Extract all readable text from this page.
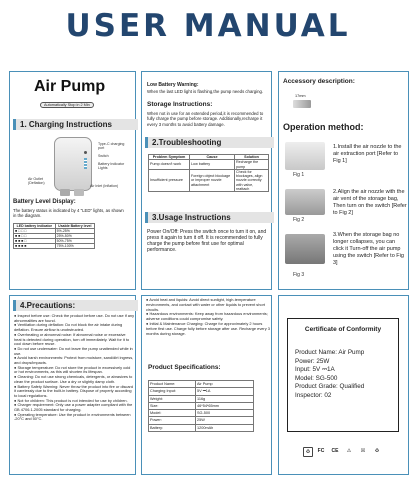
USER MANUAL
Air Pump
Automatically Stop in 2 Min
1. Charging Instructions
Type-C charging port
Switch
Battery Indicator Lights
Air Outlet (Deflation)
Air Inlet (Inflation)
Battery Level Display:
The battery status is indicated by 4 "LED" lights, as shown in the diagram.
LED battery indicator	Usable Battery level
■ □ □ □	5%-25%
■ ■ □ □	25%-50%
■ ■ ■ □	50%-75%
■ ■ ■ ■	75%-100%
Low Battery Warning:
When the last LED light is flashing,the pump needs charging.
Storage Instructions:
When not in use for an extended period,it is recommended to fully charge the pump before storage. Additionally,recharge it every 3 months to avoid battery damage.
2.Troubleshooting
Problem Symptom	Cause	Solution
Pump doesn't work	Low battery	Recharge the pump
Insufficient pressure	Foreign object blockage or improper nozzle attachment	Check for blockages, align nozzle correctly with valve, reattach
3.Usage Instructions
Power On/Off: Press the switch once to turn it on, and press it again to turn it off. It is recommended to fully charge the pump before first use for optimal performance.
Accessory description:
17mm
Operation method:
1.Install the air nozzle to the air extraction port [Refer to Fig 1]
Fig 1
2.Align the air nozzle with the air vent of the storage bag, Then turn on the switch [Refer to Fig 2]
Fig 2
3.When the storage bag no longer collapses, you can click it Turn-off the air pump using the switch [Refer to Fig 3]
Fig 3
4.Precautions:
● Inspect before use: Check the product before use. Do not use if any abnormalities are found.
● Ventilation during deflation: Do not block the air intake during deflation. Ensure airflow is unobstructed.
● Overheating or abnormal noise: If abnormal noise or excessive heat is detected during operation, turn off immediately. Wait for it to cool down before reuse.
● Do not use underwater: Do not leave the pump unattended while in use.
● Avoid harsh environments: Protect from moisture, sand/dirt ingress, and drops/impacts.
● Storage temperature: Do not store the product in excessively cold or hot environments, as this will shorten its lifespan.
● Cleaning: Do not use strong chemicals, detergents, or abrasives to clean the product surface. Use a dry or slightly damp cloth.
● Battery Safety Warning: Never throw the product into fire or discard it carelessly due to the built-in battery. Dispose of properly according to local regulations.
● Not for children: This product is not intended for use by children.
● Charger requirement: Only use a power adapter compliant with the GB 4706.1-2005 standard for charging.
● Operating temperature: Use the product in environments between -20°C and 50°C.
● Avoid heat and liquids: Avoid direct sunlight, high-temperature environments, and contact with water or other liquids to prevent short circuits.
● Hazardous environments: Keep away from hazardous environments; adverse conditions could compromise safety.
● Initial & Maintenance Charging: Charge for approximately 2 hours before first use. Charge fully before storage after use. Recharge every 3 months during storage.
Product Specifications:
Product Name:	Air Pump
Charging Input:	5V ⎓1A
Weight:	116g
Size:	46*54*65mm
Model:	SG-500
Power:	25W
Battery:	1200mAh
Certificate of Conformity
Product Name: Air Pump
Power: 25W
Input: 5V ⎓1A
Model: SG-500
Product Grade: Qualified
Inspector: 02
♻	FC CE	⚠	☒	♻
